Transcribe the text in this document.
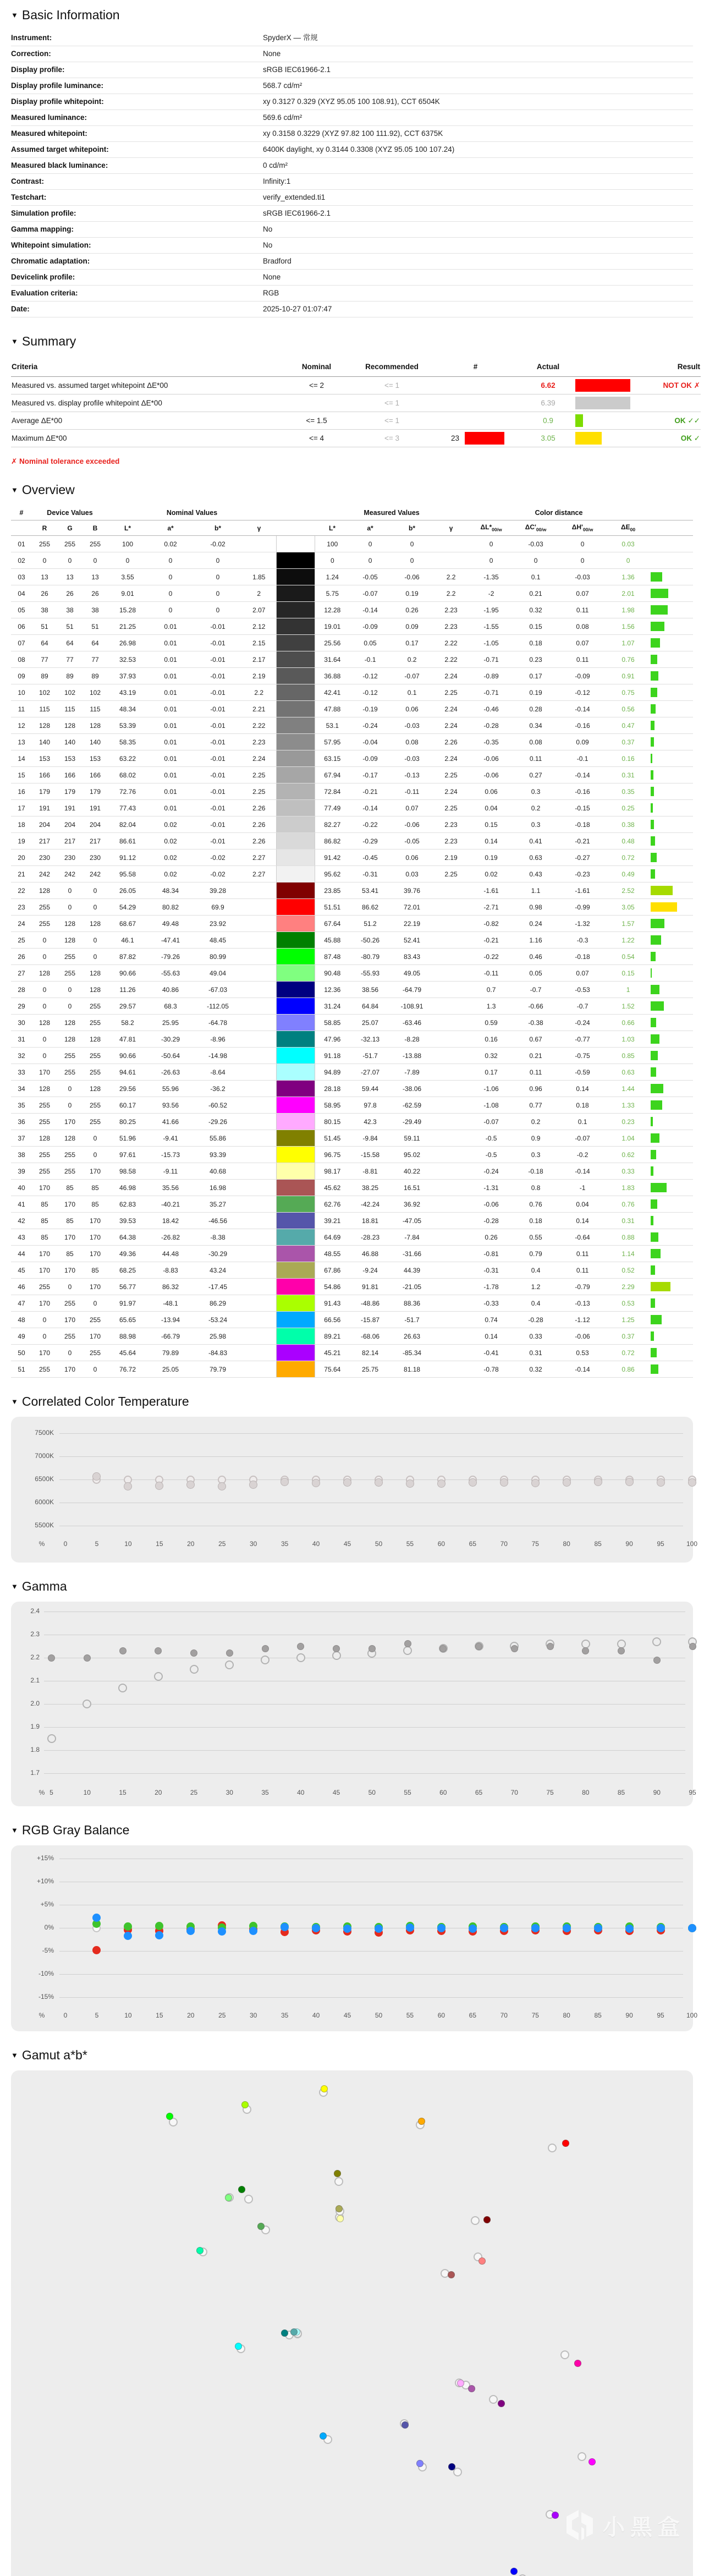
▼ Basic Information
Instrument:	SpyderX — 常规
Correction:	None
Display profile:	sRGB IEC61966-2.1
Display profile luminance:	568.7 cd/m²
Display profile whitepoint:	xy 0.3127 0.329 (XYZ 95.05 100 108.91), CCT 6504K
Measured luminance:	569.6 cd/m²
Measured whitepoint:	xy 0.3158 0.3229 (XYZ 97.82 100 111.92), CCT 6375K
Assumed target whitepoint:	6400K daylight, xy 0.3144 0.3308 (XYZ 95.05 100 107.24)
Measured black luminance:	0 cd/m²
Contrast:	Infinity:1
Testchart:	verify_extended.ti1
Simulation profile:	sRGB IEC61966-2.1
Gamma mapping:	No
Whitepoint simulation:	No
Chromatic adaptation:	Bradford
Devicelink profile:	None
Evaluation criteria:	RGB
Date:	2025-10-27 01:07:47
▼ Summary
Criteria	Nominal	Recommended	#	Actual		Result
Measured vs. assumed target whitepoint ΔE*00	<= 2	<= 1		6.62		NOT OK ✗
Measured vs. display profile whitepoint ΔE*00		<= 1		6.39	

Average ΔE*00	<= 1.5	<= 1		0.9		OK ✓✓
Maximum ΔE*00	<= 4	<= 3	23	3.05		OK ✓
✗ Nominal tolerance exceeded
▼ Overview
#	Device Values			Nominal Values					Measured Values				Color distance				
	R	G	B	L*	a*	b*	γ		L*	a*	b*	γ	$\Delta L*_{00/w}$	$\Delta C'_{00/w}$	$\Delta H'_{00/w}$	$\Delta E_{00}$	
01	255	255	255	100	0.02	-0.02			100	0	0		0	-0.03	0	0.03	
02	0	0	0	0	0	0			0	0	0		0	0	0	0	
03	13	13	13	3.55	0	0	1.85		1.24	-0.05	-0.06	2.2	-1.35	0.1	-0.03	1.36	

04	26	26	26	9.01	0	0	2		5.75	-0.07	0.19	2.2	-2	0.21	0.07	2.01	

05	38	38	38	15.28	0	0	2.07		12.28	-0.14	0.26	2.23	-1.95	0.32	0.11	1.98	

06	51	51	51	21.25	0.01	-0.01	2.12		19.01	-0.09	0.09	2.23	-1.55	0.15	0.08	1.56	

07	64	64	64	26.98	0.01	-0.01	2.15		25.56	0.05	0.17	2.22	-1.05	0.18	0.07	1.07	

08	77	77	77	32.53	0.01	-0.01	2.17		31.64	-0.1	0.2	2.22	-0.71	0.23	0.11	0.76	

09	89	89	89	37.93	0.01	-0.01	2.19		36.88	-0.12	-0.07	2.24	-0.89	0.17	-0.09	0.91	

10	102	102	102	43.19	0.01	-0.01	2.2		42.41	-0.12	0.1	2.25	-0.71	0.19	-0.12	0.75	

11	115	115	115	48.34	0.01	-0.01	2.21		47.88	-0.19	0.06	2.24	-0.46	0.28	-0.14	0.56	

12	128	128	128	53.39	0.01	-0.01	2.22		53.1	-0.24	-0.03	2.24	-0.28	0.34	-0.16	0.47	

13	140	140	140	58.35	0.01	-0.01	2.23		57.95	-0.04	0.08	2.26	-0.35	0.08	0.09	0.37	

14	153	153	153	63.22	0.01	-0.01	2.24		63.15	-0.09	-0.03	2.24	-0.06	0.11	-0.1	0.16	

15	166	166	166	68.02	0.01	-0.01	2.25		67.94	-0.17	-0.13	2.25	-0.06	0.27	-0.14	0.31	

16	179	179	179	72.76	0.01	-0.01	2.25		72.84	-0.21	-0.11	2.24	0.06	0.3	-0.16	0.35	

17	191	191	191	77.43	0.01	-0.01	2.26		77.49	-0.14	0.07	2.25	0.04	0.2	-0.15	0.25	

18	204	204	204	82.04	0.02	-0.01	2.26		82.27	-0.22	-0.06	2.23	0.15	0.3	-0.18	0.38	

19	217	217	217	86.61	0.02	-0.01	2.26		86.82	-0.29	-0.05	2.23	0.14	0.41	-0.21	0.48	

20	230	230	230	91.12	0.02	-0.02	2.27		91.42	-0.45	0.06	2.19	0.19	0.63	-0.27	0.72	

21	242	242	242	95.58	0.02	-0.02	2.27		95.62	-0.31	0.03	2.25	0.02	0.43	-0.23	0.49	

22	128	0	0	26.05	48.34	39.28			23.85	53.41	39.76		-1.61	1.1	-1.61	2.52	

23	255	0	0	54.29	80.82	69.9			51.51	86.62	72.01		-2.71	0.98	-0.99	3.05	

24	255	128	128	68.67	49.48	23.92			67.64	51.2	22.19		-0.82	0.24	-1.32	1.57	

25	0	128	0	46.1	-47.41	48.45			45.88	-50.26	52.41		-0.21	1.16	-0.3	1.22	

26	0	255	0	87.82	-79.26	80.99			87.48	-80.79	83.43		-0.22	0.46	-0.18	0.54	

27	128	255	128	90.66	-55.63	49.04			90.48	-55.93	49.05		-0.11	0.05	0.07	0.15	

28	0	0	128	11.26	40.86	-67.03			12.36	38.56	-64.79		0.7	-0.7	-0.53	1	

29	0	0	255	29.57	68.3	-112.05			31.24	64.84	-108.91		1.3	-0.66	-0.7	1.52	

30	128	128	255	58.2	25.95	-64.78			58.85	25.07	-63.46		0.59	-0.38	-0.24	0.66	

31	0	128	128	47.81	-30.29	-8.96			47.96	-32.13	-8.28		0.16	0.67	-0.77	1.03	

32	0	255	255	90.66	-50.64	-14.98			91.18	-51.7	-13.88		0.32	0.21	-0.75	0.85	

33	170	255	255	94.61	-26.63	-8.64			94.89	-27.07	-7.89		0.17	0.11	-0.59	0.63	

34	128	0	128	29.56	55.96	-36.2			28.18	59.44	-38.06		-1.06	0.96	0.14	1.44	

35	255	0	255	60.17	93.56	-60.52			58.95	97.8	-62.59		-1.08	0.77	0.18	1.33	

36	255	170	255	80.25	41.66	-29.26			80.15	42.3	-29.49		-0.07	0.2	0.1	0.23	

37	128	128	0	51.96	-9.41	55.86			51.45	-9.84	59.11		-0.5	0.9	-0.07	1.04	

38	255	255	0	97.61	-15.73	93.39			96.75	-15.58	95.02		-0.5	0.3	-0.2	0.62	

39	255	255	170	98.58	-9.11	40.68			98.17	-8.81	40.22		-0.24	-0.18	-0.14	0.33	

40	170	85	85	46.98	35.56	16.98			45.62	38.25	16.51		-1.31	0.8	-1	1.83	

41	85	170	85	62.83	-40.21	35.27			62.76	-42.24	36.92		-0.06	0.76	0.04	0.76	

42	85	85	170	39.53	18.42	-46.56			39.21	18.81	-47.05		-0.28	0.18	0.14	0.31	

43	85	170	170	64.38	-26.82	-8.38			64.69	-28.23	-7.84		0.26	0.55	-0.64	0.88	

44	170	85	170	49.36	44.48	-30.29			48.55	46.88	-31.66		-0.81	0.79	0.11	1.14	

45	170	170	85	68.25	-8.83	43.24			67.86	-9.24	44.39		-0.31	0.4	0.11	0.52	

46	255	0	170	56.77	86.32	-17.45			54.86	91.81	-21.05		-1.78	1.2	-0.79	2.29	

47	170	255	0	91.97	-48.1	86.29			91.43	-48.86	88.36		-0.33	0.4	-0.13	0.53	

48	0	170	255	65.65	-13.94	-53.24			66.56	-15.87	-51.7		0.74	-0.28	-1.12	1.25	

49	0	255	170	88.98	-66.79	25.98			89.21	-68.06	26.63		0.14	0.33	-0.06	0.37	

50	170	0	255	45.64	79.89	-84.83			45.21	82.14	-85.34		-0.41	0.31	0.53	0.72	

51	255	170	0	76.72	25.05	79.79			75.64	25.75	81.18		-0.78	0.32	-0.14	0.86	
▼ Correlated Color Temperature
7500K
7000K
6500K
6000K
5500K
%	0	5	10	15	20	25	30	35	40	45	50	55	60	65	70	75	80	85	90	95	100
▼ Gamma
2.4
2.3
2.2
2.1
2.0
1.9
1.8
1.7
% 5	10	15	20	25	30	35	40	45	50	55	60	65	70	75	80	85	90	95
▼ RGB Gray Balance
+15%
+10%
+5%
0%
-5%
-10%
-15%
%	0	5	10	15	20	25	30	35	40	45	50	55	60	65	70	75	80	85	90	95	100
▼ Gamut a*b*
小黑盒
